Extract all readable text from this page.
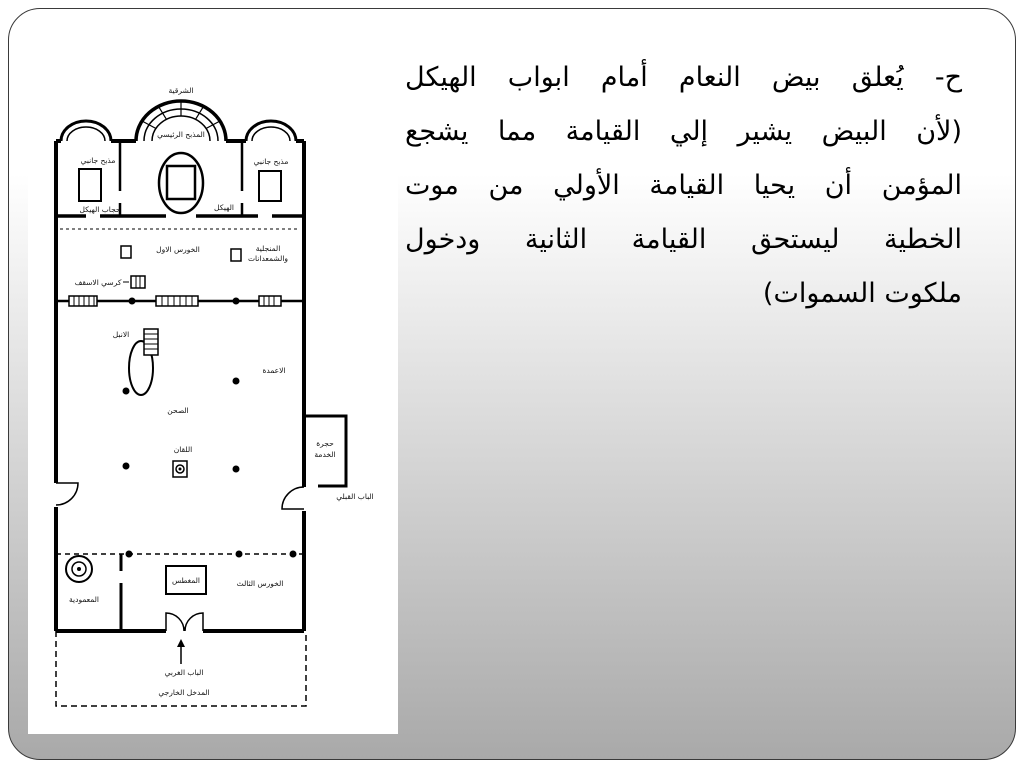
الشرقية
مذبح جانبي
المذبح الرئيسي
مذبح جانبي
حجاب الهيكل	الهيكل
الخورس الاول	المنجلية
والشمعدانات
كرسي الاسقف
الانبل
الاعمدة
الصحن
اللقان
حجرة
الخدمة
الباب القبلي
المعمودية
المغطس	الخورس الثالث
الباب الغربي
المدخل الخارجي
ح- يُعلق بيض النعام أمام ابواب الهيكل
(لأن البيض يشير إلي القيامة مما يشجع
المؤمن أن يحيا القيامة الأولي من موت
الخطية ليستحق القيامة الثانية ودخول
ملكوت السموات)
